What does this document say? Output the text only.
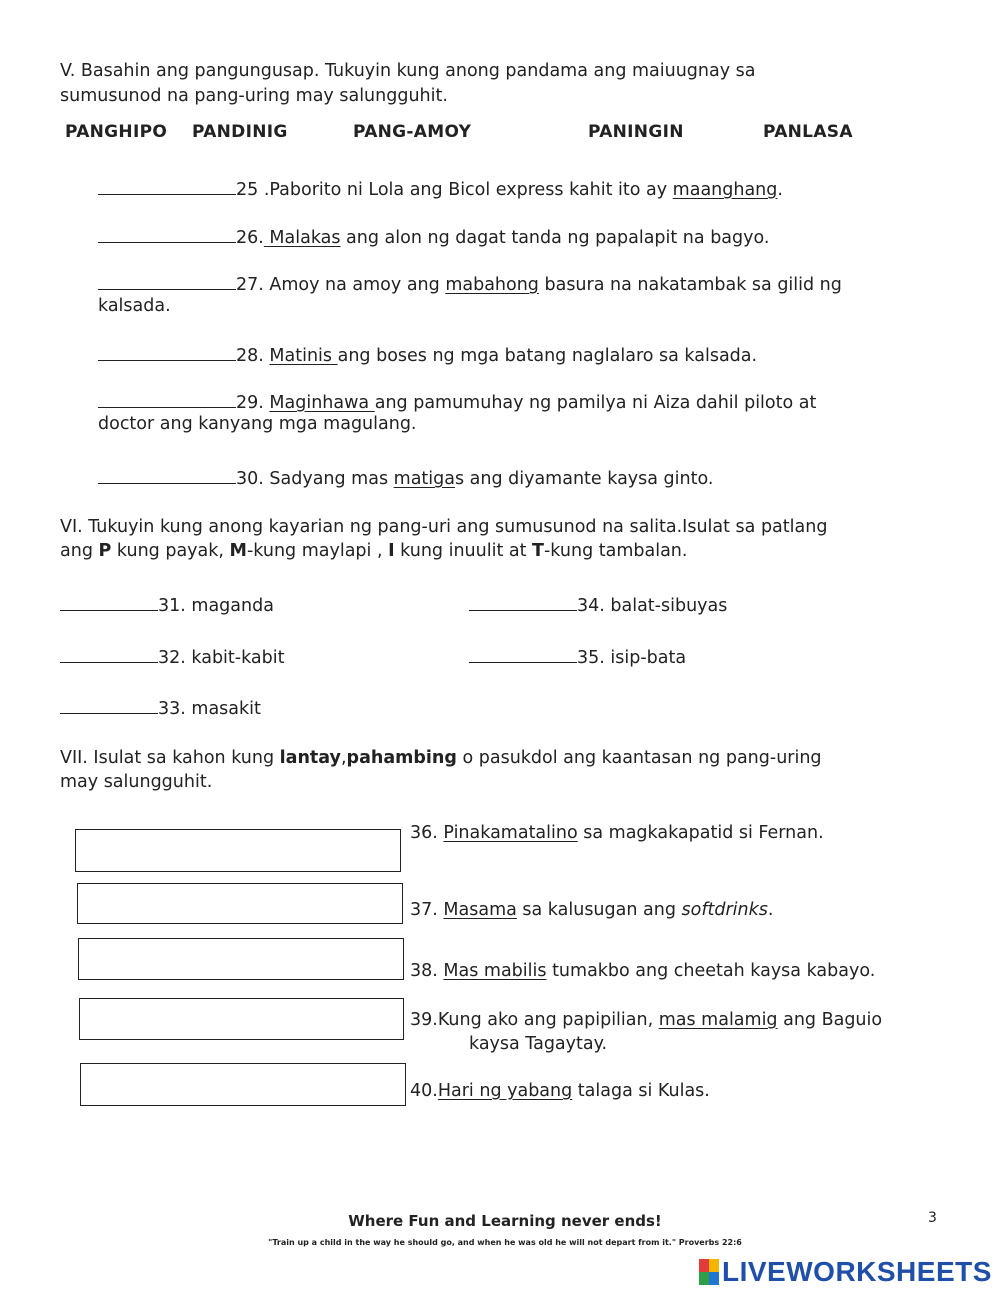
V. Basahin ang pangungusap. Tukuyin kung anong pandama ang maiuugnay sa
sumusunod na pang-uring may salungguhit.
PANGHIPO PANDINIG	PANG-AMOY	PANINGIN	PANLASA
25 .Paborito ni Lola ang Bicol express kahit ito ay maanghang.
26. Malakas ang alon ng dagat tanda ng papalapit na bagyo.
27. Amoy na amoy ang mabahong basura na nakatambak sa gilid ng
kalsada.
28. Matinis ang boses ng mga batang naglalaro sa kalsada.
29. Maginhawa ang pamumuhay ng pamilya ni Aiza dahil piloto at
doctor ang kanyang mga magulang.
30. Sadyang mas matigas ang diyamante kaysa ginto.
VI. Tukuyin kung anong kayarian ng pang-uri ang sumusunod na salita.Isulat sa patlang
ang P kung payak, M-kung maylapi , I kung inuulit at T-kung tambalan.
31. maganda	34. balat-sibuyas
32. kabit-kabit	35. isip-bata
33. masakit
VII. Isulat sa kahon kung lantay,pahambing o pasukdol ang kaantasan ng pang-uring
may salungguhit.
36. Pinakamatalino sa magkakapatid si Fernan.
37. Masama sa kalusugan ang softdrinks.
38. Mas mabilis tumakbo ang cheetah kaysa kabayo.
39.Kung ako ang papipilian, mas malamig ang Baguio
kaysa Tagaytay.
40.Hari ng yabang talaga si Kulas.
Where Fun and Learning never ends!
"Train up a child in the way he should go, and when he was old he will not depart from it." Proverbs 22:6
3
LIVEWORKSHEETS
